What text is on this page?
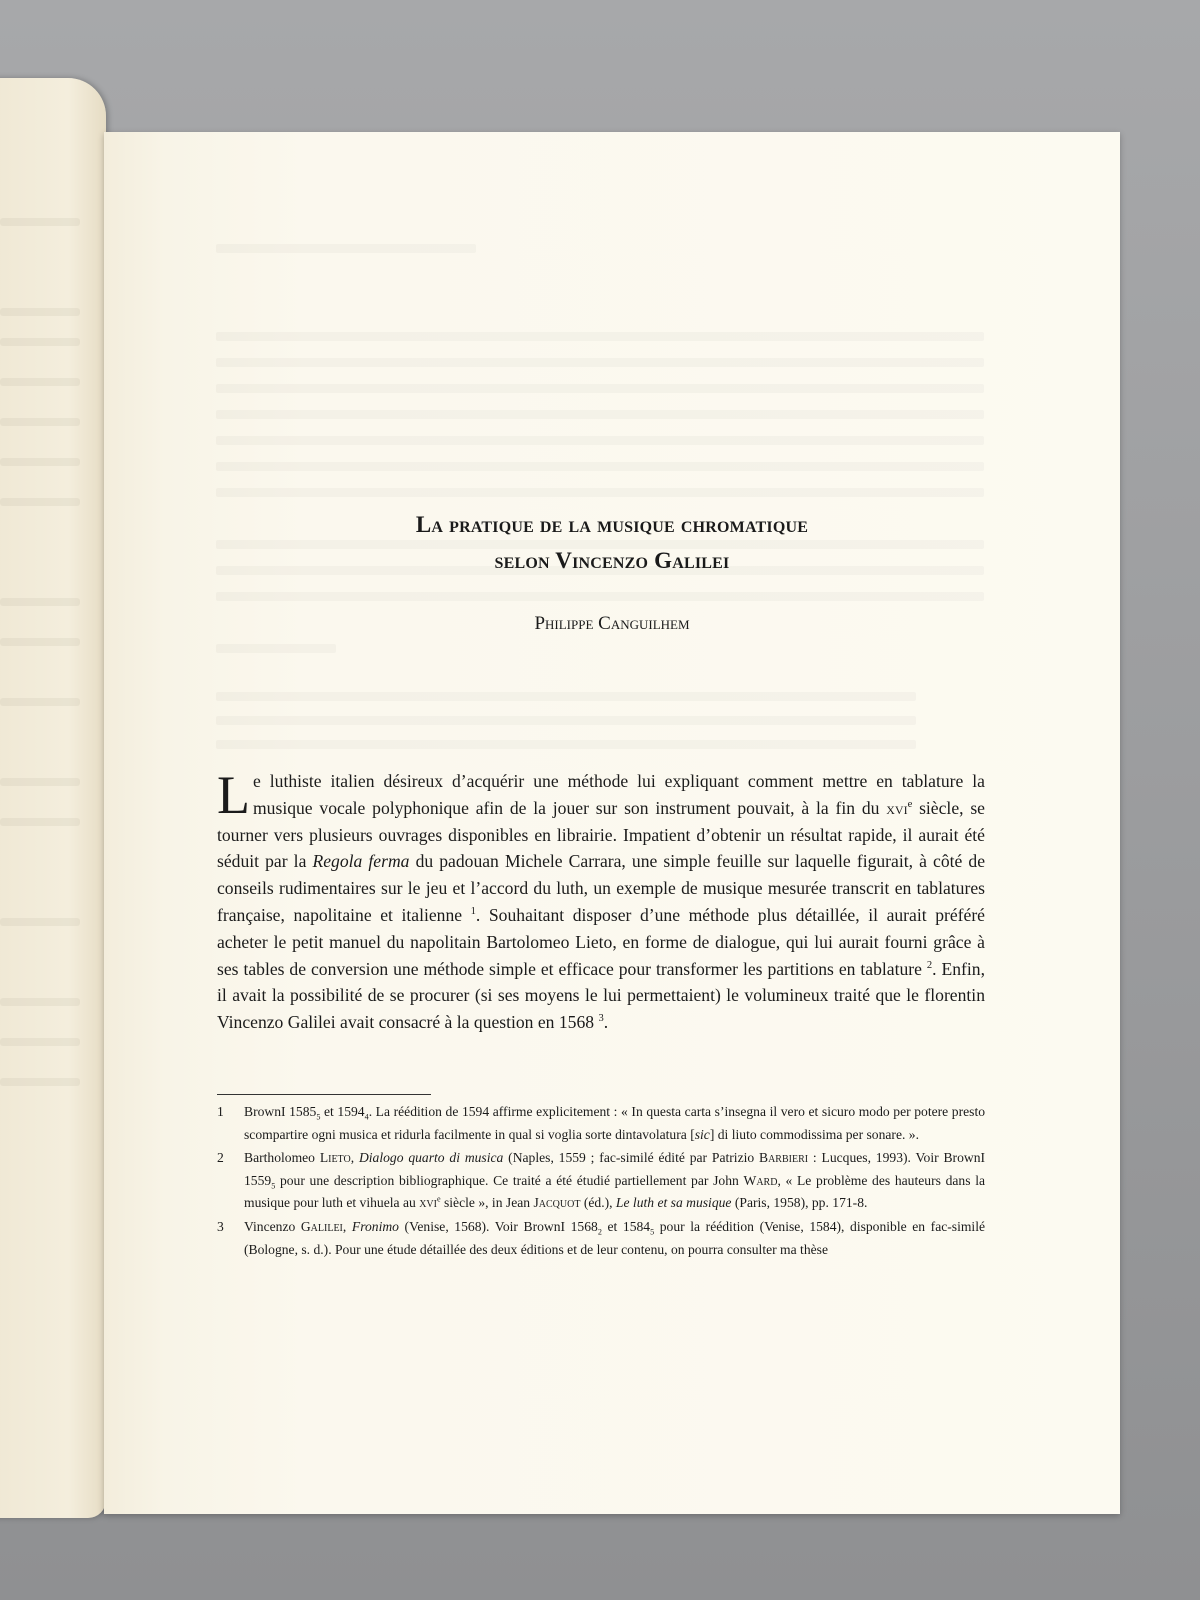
La pratique de la musique chromatique
selon Vincenzo Galilei
Philippe Canguilhem
Le luthiste italien désireux d’acquérir une méthode lui expliquant comment mettre en tablature la musique vocale polyphonique afin de la jouer sur son instrument pouvait, à la fin du xvi$^e$ siècle, se tourner vers plusieurs ouvrages disponibles en librairie. Impatient d’obtenir un résultat rapide, il aurait été séduit par la Regola ferma du padouan Michele Carrara, une simple feuille sur laquelle figurait, à côté de conseils rudimentaires sur le jeu et l’accord du luth, un exemple de musique mesurée transcrit en tablatures française, napolitaine et italienne $^1$. Souhaitant disposer d’une méthode plus détaillée, il aurait préféré acheter le petit manuel du napolitain Bartolomeo Lieto, en forme de dialogue, qui lui aurait fourni grâce à ses tables de conversion une méthode simple et efficace pour transformer les partitions en tablature $^2$. Enfin, il avait la possibilité de se procurer (si ses moyens le lui permettaient) le volumineux traité que le florentin Vincenzo Galilei avait consacré à la question en 1568 $^3$.
1	BrownI $1585_5$ et $1594_4$. La réédition de 1594 affirme explicitement : « In questa carta s’insegna il vero et sicuro modo per potere presto scompartire ogni musica et ridurla facilmente in qual si voglia sorte dintavolatura [sic] di liuto commodissima per sonare. ».
2	Bartholomeo Lieto, Dialogo quarto di musica (Naples, 1559 ; fac-similé édité par Patrizio Barbieri : Lucques, 1993). Voir BrownI $1559_5$ pour une description bibliographique. Ce traité a été étudié partiellement par John Ward, « Le problème des hauteurs dans la musique pour luth et vihuela au xvi$^e$ siècle », in Jean Jacquot (éd.), Le luth et sa musique (Paris, 1958), pp. 171-8.
3	Vincenzo Galilei, Fronimo (Venise, 1568). Voir BrownI $1568_2$ et $1584_5$ pour la réédition (Venise, 1584), disponible en fac-similé (Bologne, s. d.). Pour une étude détaillée des deux éditions et de leur contenu, on pourra consulter ma thèse
